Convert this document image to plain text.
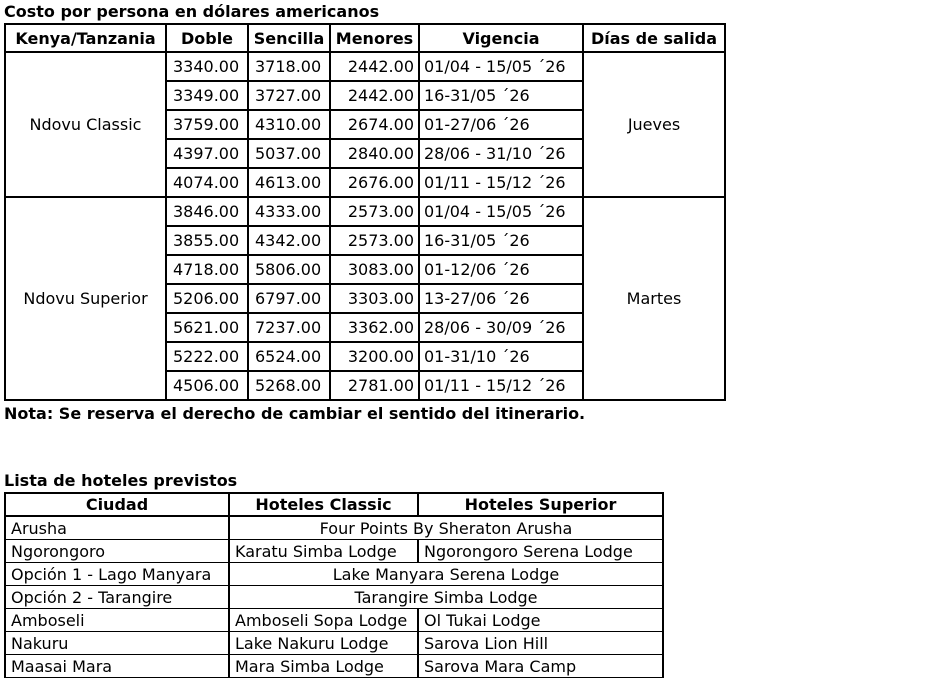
Costo por persona en dólares americanos
Kenya/Tanzania	Doble	Sencilla	Menores	Vigencia	Días de salida
Ndovu Classic	3340.00	3718.00	2442.00	01/04 - 15/05 ´26	Jueves
	3349.00	3727.00	2442.00	16-31/05 ´26	
	3759.00	4310.00	2674.00	01-27/06 ´26	
	4397.00	5037.00	2840.00	28/06 - 31/10 ´26	
	4074.00	4613.00	2676.00	01/11 - 15/12 ´26	
Ndovu Superior	3846.00	4333.00	2573.00	01/04 - 15/05 ´26	Martes
	3855.00	4342.00	2573.00	16-31/05 ´26	
	4718.00	5806.00	3083.00	01-12/06 ´26	
	5206.00	6797.00	3303.00	13-27/06 ´26	
	5621.00	7237.00	3362.00	28/06 - 30/09 ´26	
	5222.00	6524.00	3200.00	01-31/10 ´26	
	4506.00	5268.00	2781.00	01/11 - 15/12 ´26	
Nota: Se reserva el derecho de cambiar el sentido del itinerario.
Lista de hoteles previstos
Ciudad	Hoteles Classic	Hoteles Superior
Arusha	Four Points By Sheraton Arusha	
Ngorongoro	Karatu Simba Lodge	Ngorongoro Serena Lodge
Opción 1 - Lago Manyara	Lake Manyara Serena Lodge	
Opción 2 - Tarangire	Tarangire Simba Lodge	
Amboseli	Amboseli Sopa Lodge	Ol Tukai Lodge
Nakuru	Lake Nakuru Lodge	Sarova Lion Hill
Maasai Mara	Mara Simba Lodge	Sarova Mara Camp
